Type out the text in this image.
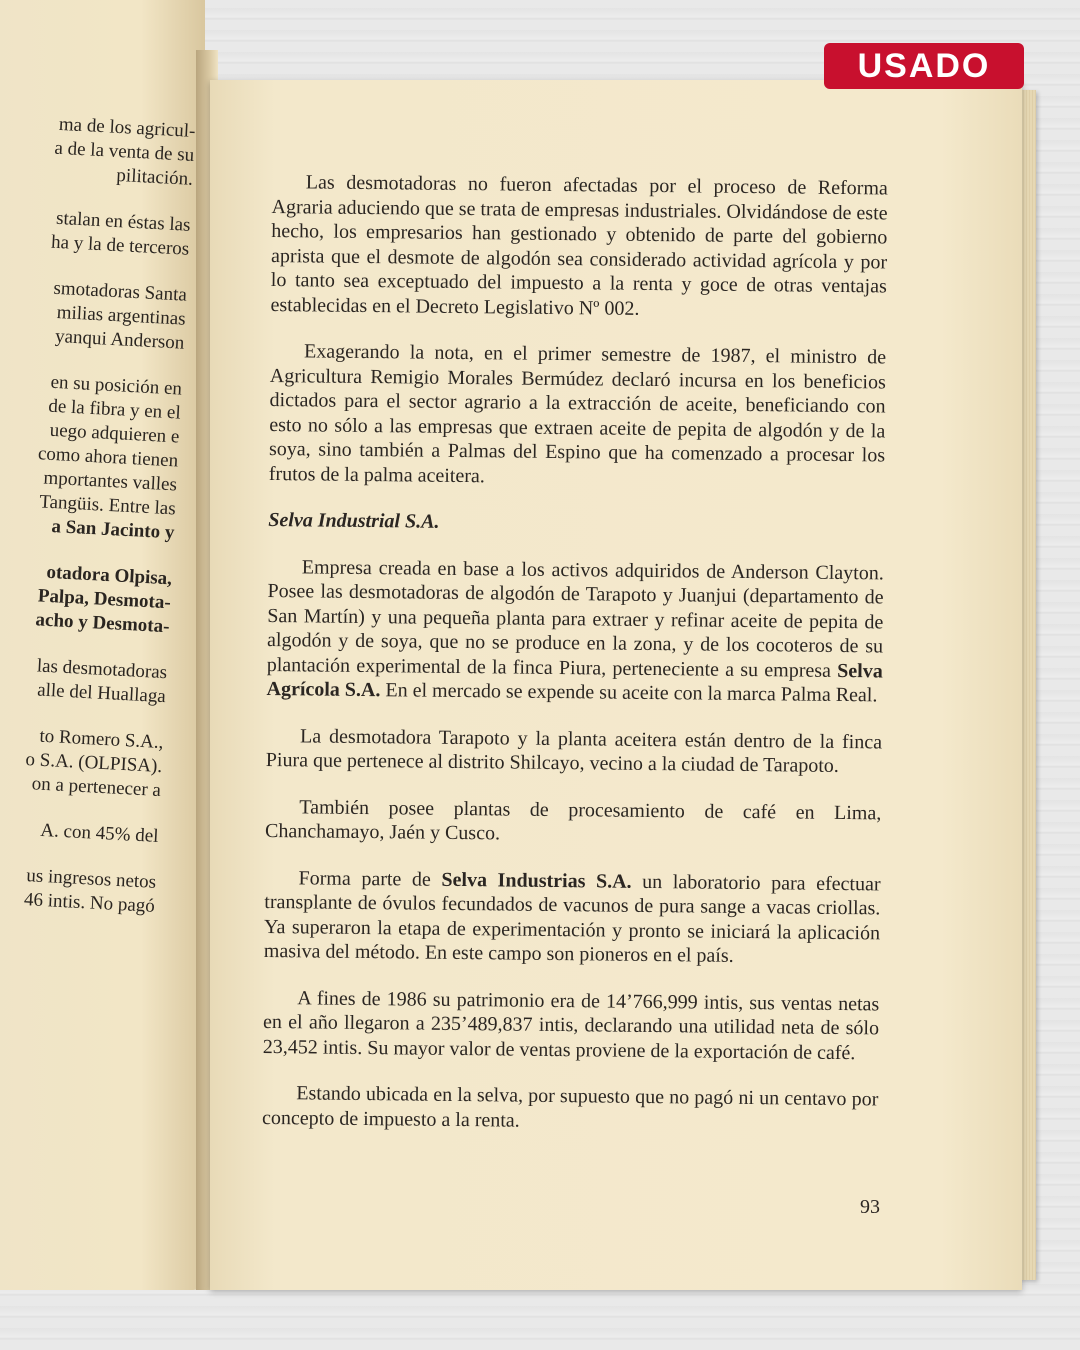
ma de los agricul-
a de la venta de su
pilitación.
stalan en éstas las
ha y la de terceros
smotadoras Santa
milias argentinas
yanqui Anderson
en su posición en
de la fibra y en el
uego adquieren e
como ahora tienen
mportantes valles
Tangüis. Entre las
a San Jacinto y
otadora Olpisa,
Palpa, Desmota-
acho y Desmota-
las desmotadoras
alle del Huallaga
to Romero S.A.,
o S.A. (OLPISA).
on a pertenecer a
A. con 45% del
us ingresos netos
46 intis. No pagó

Las desmotadoras no fueron afectadas por el proceso de Reforma Agraria aduciendo que se trata de empresas industriales. Olvidándose de este hecho, los empresarios han gestionado y obtenido de parte del gobierno aprista que el desmote de algodón sea considerado actividad agrícola y por lo tanto sea exceptuado del impuesto a la renta y goce de otras ventajas establecidas en el Decreto Legislativo Nº 002.

Exagerando la nota, en el primer semestre de 1987, el ministro de Agricultura Remigio Morales Bermúdez declaró incursa en los beneficios dictados para el sector agrario a la extracción de aceite, beneficiando con esto no sólo a las empresas que extraen aceite de pepita de algodón y de la soya, sino también a Palmas del Espino que ha comenzado a procesar los frutos de la palma aceitera.

Selva Industrial S.A.

Empresa creada en base a los activos adquiridos de Anderson Clayton. Posee las desmotadoras de algodón de Tarapoto y Juanjui (departamento de San Martín) y una pequeña planta para extraer y refinar aceite de pepita de algodón y de soya, que no se produce en la zona, y de los cocoteros de su plantación experimental de la finca Piura, perteneciente a su empresa Selva Agrícola S.A. En el mercado se expende su aceite con la marca Palma Real.

La desmotadora Tarapoto y la planta aceitera están dentro de la finca Piura que pertenece al distrito Shilcayo, vecino a la ciudad de Tarapoto.

También posee plantas de procesamiento de café en Lima, Chanchamayo, Jaén y Cusco.

Forma parte de Selva Industrias S.A. un laboratorio para efectuar transplante de óvulos fecundados de vacunos de pura sange a vacas criollas. Ya superaron la etapa de experimentación y pronto se iniciará la aplicación masiva del método. En este campo son pioneros en el país.

A fines de 1986 su patrimonio era de 14’766,999 intis, sus ventas netas en el año llegaron a 235’489,837 intis, declarando una utilidad neta de sólo 23,452 intis. Su mayor valor de ventas proviene de la exportación de café.

Estando ubicada en la selva, por supuesto que no pagó ni un centavo por concepto de impuesto a la renta.

93
USADO
